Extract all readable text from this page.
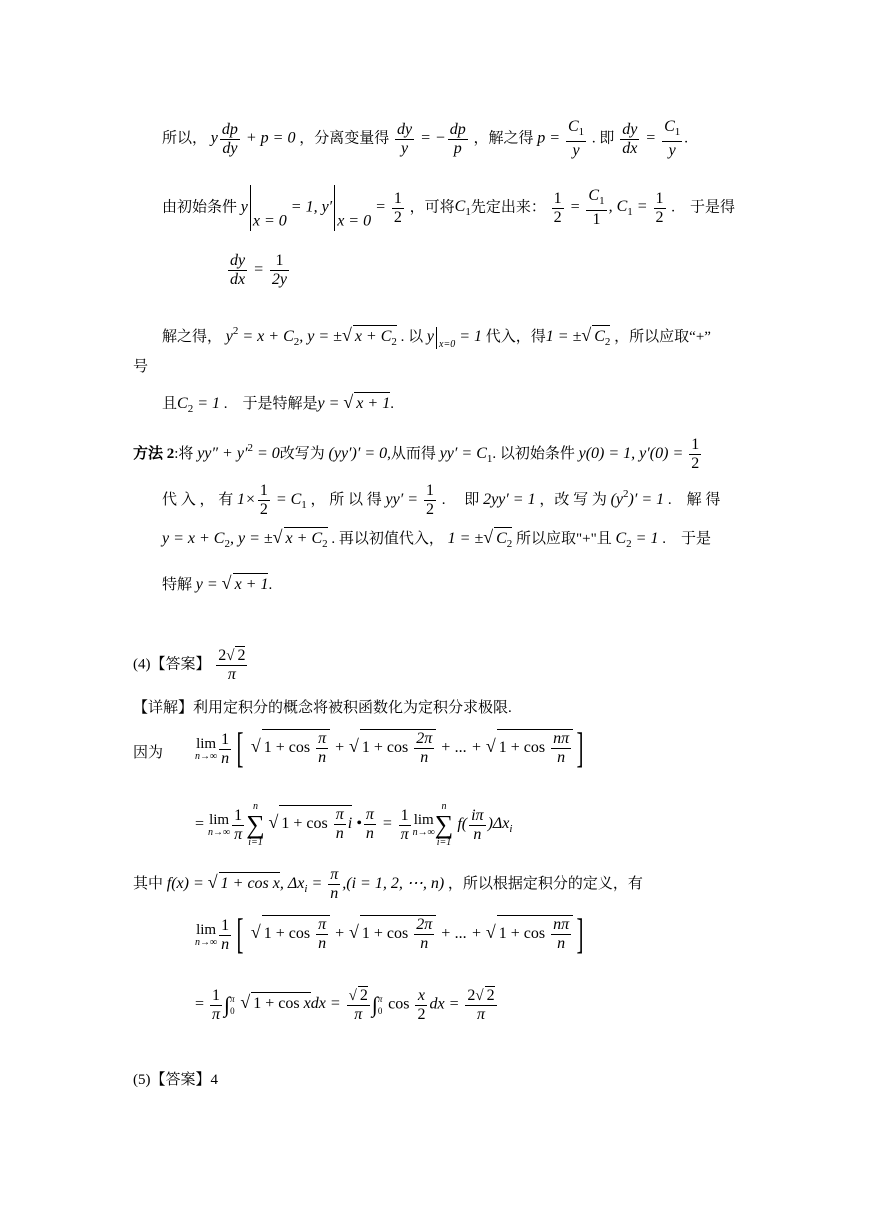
所以， y $\frac{dp}{dy} + p = 0$ ，分离变量得 $\frac{dy}{y}$ = − $\frac{dp}{p}$ ，解之得 $p = \frac{C_1}{y}$ . 即 $\frac{dy}{dx} = \frac{C_1}{y}$ .
由初始条件 yx = 0 = 1, $y'x = 0 = \frac{1}{2}$ ，可将$C_1$先定出来： $\frac{1}{2} = \frac{C_1}{1}$ , $C_1 = \frac{1}{2}$ .　于是得
$\frac{dy}{dx} = \frac{1}{2y}$
解之得， $y^2 = x + C_2$, y = ±√ $x + C_2$ . 以 y $_{x=0}$ = 1 代入，得1 = ±√ $C_2$ ，所以应取“+”
号
且$C_2 = 1$ .　于是特解是y = √ x + 1.
方法 2:将 $yy'' + y'^2 = 0$改写为 (yy′)′ = 0,从而得 $yy' = C_1$. 以初始条件 y(0) = 1, $y'(0) = \frac{1}{2}$
代 入 ， 有 $1\times \frac{1}{2} = C_1$ ， 所 以 得 $yy' = \frac{1}{2}$ .　 即 2yy′ = 1 ，改 写 为 $(y^2)' = 1$ .　解 得
$y = x + C_2$, y = ±√ $x + C_2$ . 再以初值代入， 1 = ±√ $C_2$ 所以应取"+"且 $C_2 = 1$ .　于是
特解 y = √ x + 1.
(4)【答案】 $\frac{2√ 2}{\pi}$
【详解】利用定积分的概念将被积函数化为定积分求极限.
因为
lim
$n\to\infty \frac{1}{n}$ [ √ $1 + \cos \frac{\pi}{n}$ + √ $1 + \cos \frac{2\pi}{n}$ + ... + √ $1 + \cos \frac{n\pi}{n}$ ]
= lim
$n\to\infty \frac{1}{\pi}$ n
∑
i=1
√ $1 + \cos \frac{\pi}{n}$ i • $\frac{\pi}{n} = \frac{1}{\pi}$ lim
n→∞
n
∑
i=1
$f( \frac{i\pi}{n} )\Delta x_i$
其中 f(x) = √ 1 + cos x, $\Delta x_i = \frac{\pi}{n} ,(i = 1$, 2, ⋯, n) ，所以根据定积分的定义，有
lim
$n\to\infty \frac{1}{n}$ [ √ $1 + \cos \frac{\pi}{n}$ + √ $1 + \cos \frac{2\pi}{n}$ + ... + √ $1 + \cos \frac{n\pi}{n}$ ]
= $\frac{1}{\pi}$ ∫ π
0 √ 1 + cos xdx = $\frac{√ 2}{\pi}$ ∫ π
0 $\cos \frac{x}{2}$ dx = $\frac{2√ 2}{\pi}$
(5)【答案】4
